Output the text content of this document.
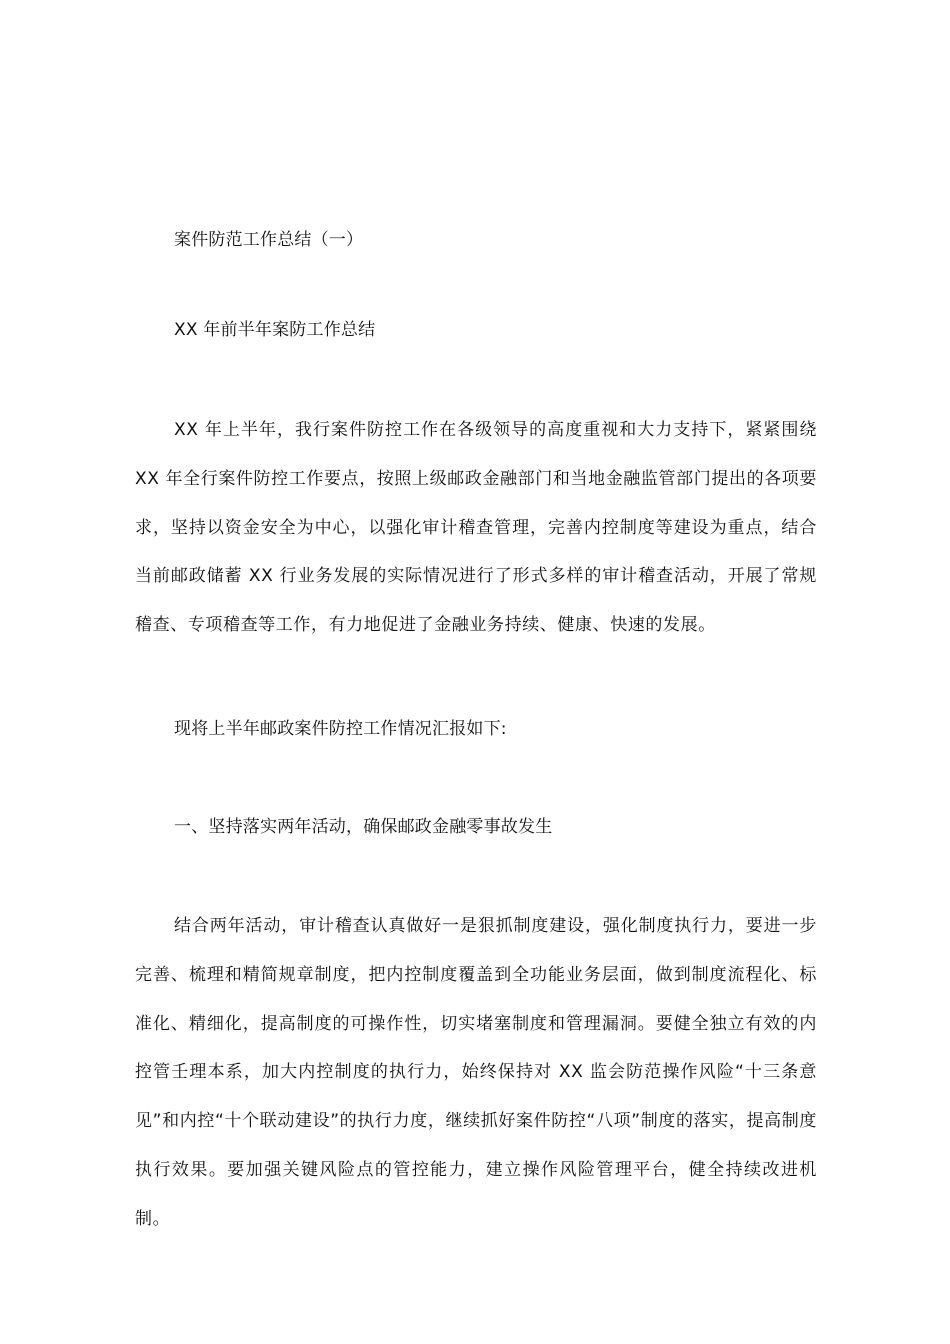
案件防范工作总结（一）
XX 年前半年案防工作总结
XX 年上半年，我行案件防控工作在各级领导的高度重视和大力支持下，紧紧围绕 XX 年全行案件防控工作要点，按照上级邮政金融部门和当地金融监管部门提出的各项要求，坚持以资金安全为中心，以强化审计稽查管理，完善内控制度等建设为重点，结合当前邮政储蓄 XX 行业务发展的实际情况进行了形式多样的审计稽查活动，开展了常规稽查、专项稽查等工作，有力地促进了金融业务持续、健康、快速的发展。
现将上半年邮政案件防控工作情况汇报如下:
一、坚持落实两年活动，确保邮政金融零事故发生
结合两年活动，审计稽查认真做好一是狠抓制度建设，强化制度执行力，要进一步完善、梳理和精简规章制度，把内控制度覆盖到全功能业务层面，做到制度流程化、标准化、精细化，提高制度的可操作性，切实堵塞制度和管理漏洞。要健全独立有效的内控管壬理本系，加大内控制度的执行力，始终保持对 XX 监会防范操作风险“十三条意见”和内控“十个联动建设”的执行力度，继续抓好案件防控“八项”制度的落实，提高制度执行效果。要加强关键风险点的管控能力，建立操作风险管理平台，健全持续改进机制。
